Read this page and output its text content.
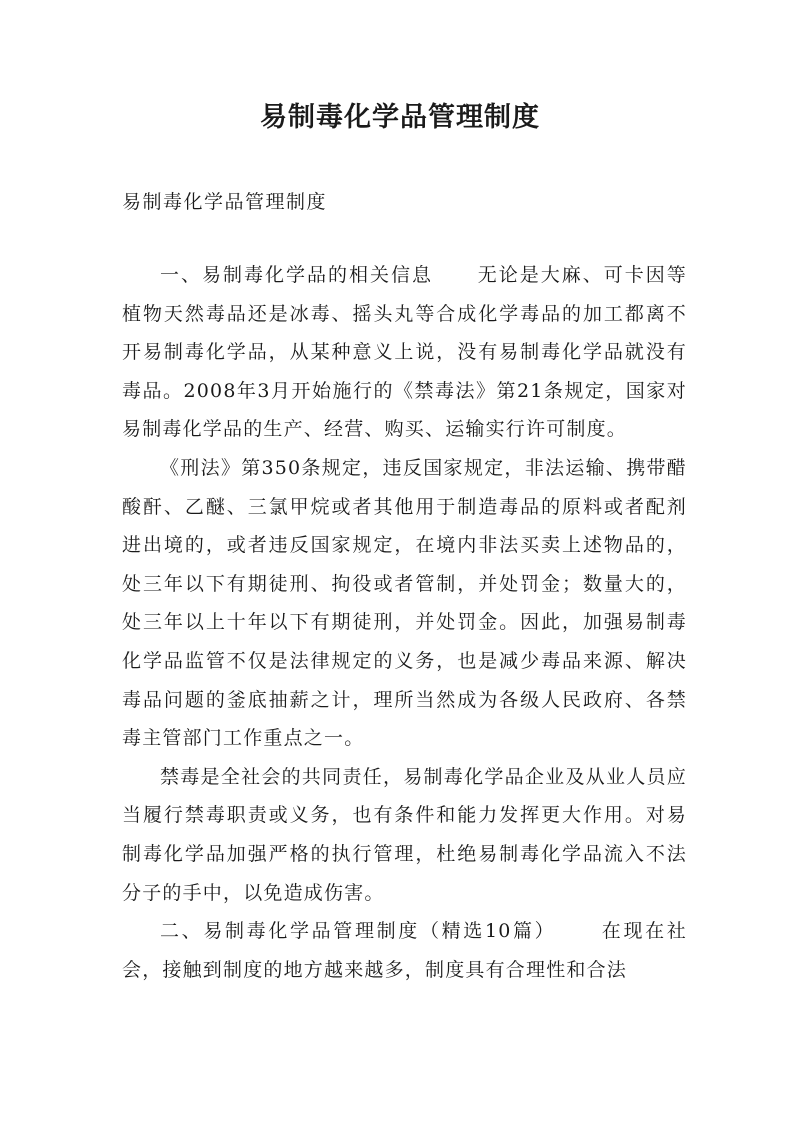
易制毒化学品管理制度
易制毒化学品管理制度

一、易制毒化学品的相关信息 无论是大麻、可卡因等植物天然毒品还是冰毒、摇头丸等合成化学毒品的加工都离不开易制毒化学品，从某种意义上说，没有易制毒化学品就没有毒品。2008年3月开始施行的《禁毒法》第21条规定，国家对易制毒化学品的生产、经营、购买、运输实行许可制度。

《刑法》第350条规定，违反国家规定，非法运输、携带醋酸酐、乙醚、三氯甲烷或者其他用于制造毒品的原料或者配剂进出境的，或者违反国家规定，在境内非法买卖上述物品的，处三年以下有期徒刑、拘役或者管制，并处罚金；数量大的，处三年以上十年以下有期徒刑，并处罚金。因此，加强易制毒化学品监管不仅是法律规定的义务，也是减少毒品来源、解决毒品问题的釜底抽薪之计，理所当然成为各级人民政府、各禁毒主管部门工作重点之一。

禁毒是全社会的共同责任，易制毒化学品企业及从业人员应当履行禁毒职责或义务，也有条件和能力发挥更大作用。对易制毒化学品加强严格的执行管理，杜绝易制毒化学品流入不法分子的手中，以免造成伤害。

二、易制毒化学品管理制度（精选10篇） 在现在社会，接触到制度的地方越来越多，制度具有合理性和合法
